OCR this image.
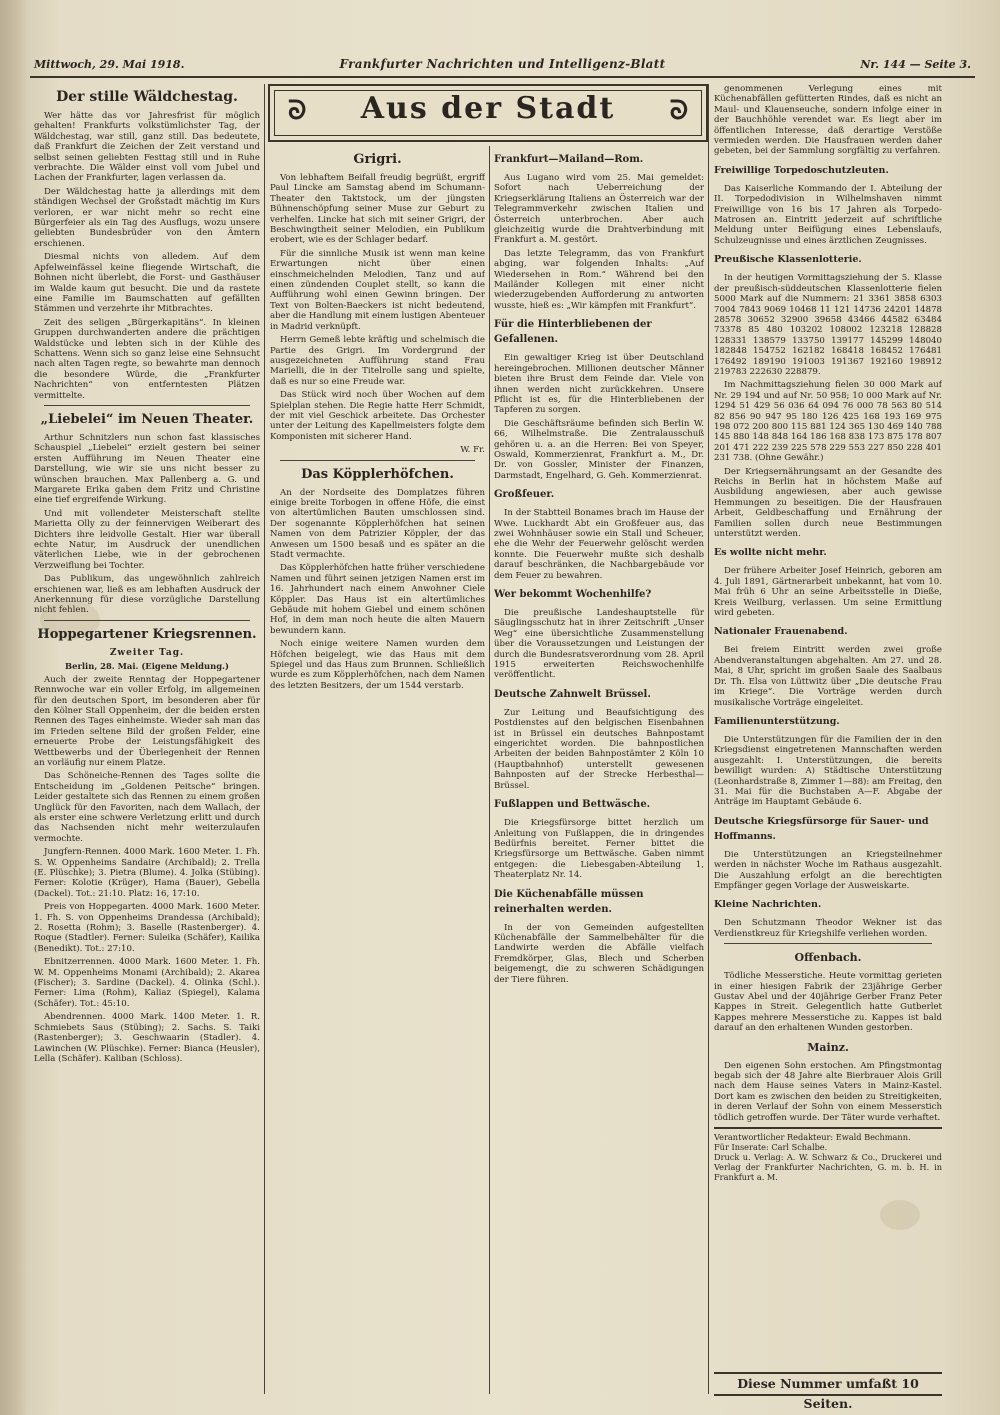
Mittwoch, 29. Mai 1918.	Frankfurter Nachrichten und Intelligenz-Blatt	Nr. 144 — Seite 3.
ᘐ	Aus der Stadt	ᘐ
Der stille Wäldchestag.

Wer hätte das vor Jahresfrist für möglich gehalten! Frankfurts volkstümlichster Tag, der Wäldchestag, war still, ganz still. Das bedeutete, daß Frankfurt die Zeichen der Zeit verstand und selbst seinen geliebten Festtag still und in Ruhe verbrachte. Die Wälder einst voll vom Jubel und Lachen der Frankfurter, lagen verlassen da.

Der Wäldchestag hatte ja allerdings mit dem ständigen Wechsel der Großstadt mächtig im Kurs verloren, er war nicht mehr so recht eine Bürgerfeier als ein Tag des Ausflugs, wozu unsere geliebten Bundesbrüder von den Ämtern erschienen.

Diesmal nichts von alledem. Auf dem Apfelweinfässel keine fliegende Wirtschaft, die Bohnen nicht überlebt, die Forst- und Gasthäuser im Walde kaum gut besucht. Die und da rastete eine Familie im Baumschatten auf gefällten Stämmen und verzehrte ihr Mitbrachtes.

Zeit des seligen „Bürgerkapitäns“. In kleinen Gruppen durchwanderten andere die prächtigen Waldstücke und lebten sich in der Kühle des Schattens. Wenn sich so ganz leise eine Sehnsucht nach alten Tagen regte, so bewahrte man dennoch die besondere Würde, die „Frankfurter Nachrichten“ von entferntesten Plätzen vermittelte.

„Liebelei“ im Neuen Theater.

Arthur Schnitzlers nun schon fast klassisches Schauspiel „Liebelei“ erzielt gestern bei seiner ersten Aufführung im Neuen Theater eine Darstellung, wie wir sie uns nicht besser zu wünschen brauchen. Max Pallenberg a. G. und Margarete Erika gaben dem Fritz und Christine eine tief ergreifende Wirkung.

Und mit vollendeter Meisterschaft stellte Marietta Olly zu der feinnervigen Weiberart des Dichters ihre leidvolle Gestalt. Hier war überall echte Natur, im Ausdruck der unendlichen väterlichen Liebe, wie in der gebrochenen Verzweiflung bei Tochter.

Das Publikum, das ungewöhnlich zahlreich erschienen war, ließ es am lebhaften Ausdruck der Anerkennung für diese vorzügliche Darstellung nicht fehlen.

Hoppegartener Kriegsrennen.
Zweiter Tag.
Berlin, 28. Mai. (Eigene Meldung.)

Auch der zweite Renntag der Hoppegartener Rennwoche war ein voller Erfolg, im allgemeinen für den deutschen Sport, im besonderen aber für den Kölner Stall Oppenheim, der die beiden ersten Rennen des Tages einheimste. Wieder sah man das im Frieden seltene Bild der großen Felder, eine erneuerte Probe der Leistungsfähigkeit des Wettbewerbs und der Überlegenheit der Rennen an vorläufig nur einem Platze.

Das Schöneiche-Rennen des Tages sollte die Entscheidung im „Goldenen Peitsche“ bringen. Leider gestaltete sich das Rennen zu einem großen Unglück für den Favoriten, nach dem Wallach, der als erster eine schwere Verletzung erlitt und durch das Nachsenden nicht mehr weiterzulaufen vermochte.

Jungfern-Rennen. 4000 Mark. 1600 Meter. 1. Fh. S. W. Oppenheims Sandaire (Archibald); 2. Trella (E. Plüschke); 3. Pietra (Blume). 4. Jolka (Stübing). Ferner: Kolotie (Krüger), Hama (Bauer), Gebella (Dackel). Tot.: 21:10. Platz: 16, 17:10.

Preis von Hoppegarten. 4000 Mark. 1600 Meter. 1. Fh. S. von Oppenheims Drandessa (Archibald); 2. Rosetta (Rohm); 3. Baselle (Rastenberger). 4. Roque (Stadtler). Ferner: Suleika (Schäfer), Kailika (Benedikt). Tot.: 27:10.

Ebnitzerrennen. 4000 Mark. 1600 Meter. 1. Fh. W. M. Oppenheims Monami (Archibald); 2. Akarea (Fischer); 3. Sardine (Dackel). 4. Olinka (Schl.). Ferner: Lima (Rohm), Kaliaz (Spiegel), Kalama (Schäfer). Tot.: 45:10.

Abendrennen. 4000 Mark. 1400 Meter. 1. R. Schmiebets Saus (Stübing); 2. Sachs. S. Taiki (Rastenberger); 3. Geschwaarin (Stadler). 4. Lawinchen (W. Plüschke). Ferner: Bianca (Heusler), Lella (Schäfer). Kaliban (Schloss).

Grigri.

Von lebhaftem Beifall freudig begrüßt, ergriff Paul Lincke am Samstag abend im Schumann-Theater den Taktstock, um der jüngsten Bühnenschöpfung seiner Muse zur Geburt zu verhelfen. Lincke hat sich mit seiner Grigri, der Beschwingtheit seiner Melodien, ein Publikum erobert, wie es der Schlager bedarf.

Für die sinnliche Musik ist wenn man keine Erwartungen nicht über einen einschmeichelnden Melodien, Tanz und auf einen zündenden Couplet stellt, so kann die Aufführung wohl einen Gewinn bringen. Der Text von Bolten-Baeckers ist nicht bedeutend, aber die Handlung mit einem lustigen Abenteuer in Madrid verknüpft.

Herrn Gemeß lebte kräftig und schelmisch die Partie des Grigri. Im Vordergrund der ausgezeichneten Aufführung stand Frau Marielli, die in der Titelrolle sang und spielte, daß es nur so eine Freude war.

Das Stück wird noch über Wochen auf dem Spielplan stehen. Die Regie hatte Herr Schmidt, der mit viel Geschick arbeitete. Das Orchester unter der Leitung des Kapellmeisters folgte dem Komponisten mit sicherer Hand.

W. Fr.
Das Köpplerhöfchen.

An der Nordseite des Domplatzes führen einige breite Torbogen in offene Höfe, die einst von altertümlichen Bauten umschlossen sind. Der sogenannte Köpplerhöfchen hat seinen Namen von dem Patrizier Köppler, der das Anwesen um 1500 besaß und es später an die Stadt vermachte.

Das Köpplerhöfchen hatte früher verschiedene Namen und führt seinen jetzigen Namen erst im 16. Jahrhundert nach einem Anwohner Ciele Köppler. Das Haus ist ein altertümliches Gebäude mit hohem Giebel und einem schönen Hof, in dem man noch heute die alten Mauern bewundern kann.

Noch einige weitere Namen wurden dem Höfchen beigelegt, wie das Haus mit dem Spiegel und das Haus zum Brunnen. Schließlich wurde es zum Köpplerhöfchen, nach dem Namen des letzten Besitzers, der um 1544 verstarb.

Frankfurt—Mailand—Rom.

Aus Lugano wird vom 25. Mai gemeldet: Sofort nach Ueberreichung der Kriegserklärung Italiens an Österreich war der Telegrammverkehr zwischen Italien und Österreich unterbrochen. Aber auch gleichzeitig wurde die Drahtverbindung mit Frankfurt a. M. gestört.

Das letzte Telegramm, das von Frankfurt abging, war folgenden Inhalts: „Auf Wiedersehen in Rom.“ Während bei den Mailänder Kollegen mit einer nicht wiederzugebenden Aufforderung zu antworten wusste, hieß es: „Wir kämpfen mit Frankfurt“.

Für die Hinterbliebenen der Gefallenen.

Ein gewaltiger Krieg ist über Deutschland hereingebrochen. Millionen deutscher Männer bieten ihre Brust dem Feinde dar. Viele von ihnen werden nicht zurückkehren. Unsere Pflicht ist es, für die Hinterbliebenen der Tapferen zu sorgen.

Die Geschäftsräume befinden sich Berlin W. 66, Wilhelmstraße. Die Zentralausschuß gehören u. a. an die Herren: Bei von Speyer, Oswald, Kommerzienrat, Frankfurt a. M., Dr. Dr. von Gossler, Minister der Finanzen, Darmstadt, Engelhard, G. Geh. Kommerzienrat.

Großfeuer.

In der Stabtteil Bonames brach im Hause der Wwe. Luckhardt Abt ein Großfeuer aus, das zwei Wohnhäuser sowie ein Stall und Scheuer, ehe die Wehr der Feuerwehr gelöscht werden konnte. Die Feuerwehr mußte sich deshalb darauf beschränken, die Nachbargebäude vor dem Feuer zu bewahren.

Wer bekommt Wochenhilfe?

Die preußische Landeshauptstelle für Säuglingsschutz hat in ihrer Zeitschrift „Unser Weg“ eine übersichtliche Zusammenstellung über die Voraussetzungen und Leistungen der durch die Bundesratsverordnung vom 28. April 1915 erweiterten Reichswochenhilfe veröffentlicht.

Deutsche Zahnwelt Brüssel.

Zur Leitung und Beaufsichtigung des Postdienstes auf den belgischen Eisenbahnen ist in Brüssel ein deutsches Bahnpostamt eingerichtet worden. Die bahnpostlichen Arbeiten der beiden Bahnpostämter 2 Köln 10 (Hauptbahnhof) unterstellt gewesenen Bahnposten auf der Strecke Herbesthal—Brüssel.

Fußlappen und Bettwäsche.

Die Kriegsfürsorge bittet herzlich um Anleitung von Fußlappen, die in dringendes Bedürfnis bereitet. Ferner bittet die Kriegsfürsorge um Bettwäsche. Gaben nimmt entgegen: die Liebesgaben-Abteilung 1, Theaterplatz Nr. 14.

Die Küchenabfälle müssen reinerhalten werden.

In der von Gemeinden aufgestellten Küchenabfälle der Sammelbehälter für die Landwirte werden die Abfälle vielfach Fremdkörper, Glas, Blech und Scherben beigemengt, die zu schweren Schädigungen der Tiere führen.

genommenen Verlegung eines mit Küchenabfällen gefütterten Rindes, daß es nicht an Maul- und Klauenseuche, sondern infolge einer in der Bauchhöhle verendet war. Es liegt aber im öffentlichen Interesse, daß derartige Verstöße vermieden werden. Die Hausfrauen werden daher gebeten, bei der Sammlung sorgfältig zu verfahren.

Freiwillige Torpedoschutzleuten.

Das Kaiserliche Kommando der I. Abteilung der II. Torpedodivision in Wilhelmshaven nimmt Freiwillige von 16 bis 17 Jahren als Torpedo-Matrosen an. Eintritt jederzeit auf schriftliche Meldung unter Beifügung eines Lebenslaufs, Schulzeugnisse und eines ärztlichen Zeugnisses.

Preußische Klassenlotterie.

In der heutigen Vormittagsziehung der 5. Klasse der preußisch-süddeutschen Klassenlotterie fielen 5000 Mark auf die Nummern: 21 3361 3858 6303 7004 7843 9069 10468 11 121 14736 24201 14878 28578 30652 32900 39658 43466 44582 63484 73378 85 480 103202 108002 123218 128828 128331 138579 133750 139177 145299 148040 182848 154752 162182 168418 168452 176481 176492 189190 191003 191367 192160 198912 219783 222630 228879.

Im Nachmittagsziehung fielen 30 000 Mark auf Nr. 29 194 und auf Nr. 50 958; 10 000 Mark auf Nr. 1294 51 429 56 036 64 094 76 000 78 563 80 514 82 856 90 947 95 180 126 425 168 193 169 975 198 072 200 800 115 881 124 365 130 469 140 788 145 880 148 848 164 186 168 838 173 875 178 807 201 471 222 239 225 578 229 553 227 850 228 401 231 738. (Ohne Gewähr.)

Der Kriegsernährungsamt an der Gesandte des Reichs in Berlin hat in höchstem Maße auf Ausbildung angewiesen, aber auch gewisse Hemmungen zu beseitigen. Die der Hausfrauen Arbeit, Geldbeschaffung und Ernährung der Familien sollen durch neue Bestimmungen unterstützt werden.

Es wollte nicht mehr.

Der frühere Arbeiter Josef Heinrich, geboren am 4. Juli 1891, Gärtnerarbeit unbekannt, hat vom 10. Mai früh 6 Uhr an seine Arbeitsstelle in Dieße, Kreis Weilburg, verlassen. Um seine Ermittlung wird gebeten.

Nationaler Frauenabend.

Bei freiem Eintritt werden zwei große Abendveranstaltungen abgehalten. Am 27. und 28. Mai, 8 Uhr, spricht im großen Saale des Saalbaus Dr. Th. Elsa von Lüttwitz über „Die deutsche Frau im Kriege“. Die Vorträge werden durch musikalische Vorträge eingeleitet.

Familienunterstützung.

Die Unterstützungen für die Familien der in den Kriegsdienst eingetretenen Mannschaften werden ausgezahlt: I. Unterstützungen, die bereits bewilligt wurden: A) Städtische Unterstützung (Leonhardstraße 8, Zimmer 1—88): am Freitag, den 31. Mai für die Buchstaben A—F. Abgabe der Anträge im Hauptamt Gebäude 6.

Deutsche Kriegsfürsorge für Sauer- und Hoffmanns.

Die Unterstützungen an Kriegsteilnehmer werden in nächster Woche im Rathaus ausgezahlt. Die Auszahlung erfolgt an die berechtigten Empfänger gegen Vorlage der Ausweiskarte.

Kleine Nachrichten.

Den Schutzmann Theodor Wekner ist das Verdienstkreuz für Kriegshilfe verliehen worden.

Offenbach.

Tödliche Messerstiche. Heute vormittag gerieten in einer hiesigen Fabrik der 23jährige Gerber Gustav Abel und der 40jährige Gerber Franz Peter Kappes in Streit. Gelegentlich hatte Gutberlet Kappes mehrere Messerstiche zu. Kappes ist bald darauf an den erhaltenen Wunden gestorben.

Mainz.

Den eigenen Sohn erstochen. Am Pfingstmontag begab sich der 48 Jahre alte Bierbrauer Alois Grill nach dem Hause seines Vaters in Mainz-Kastel. Dort kam es zwischen den beiden zu Streitigkeiten, in deren Verlauf der Sohn von einem Messerstich tödlich getroffen wurde. Der Täter wurde verhaftet.

Verantwortlicher Redakteur: Ewald Bechmann.
Für Inserate: Carl Schalbe.
Druck u. Verlag: A. W. Schwarz & Co., Druckerei und Verlag der Frankfurter Nachrichten, G. m. b. H. in Frankfurt a. M.
Diese Nummer umfaßt 10 Seiten.
